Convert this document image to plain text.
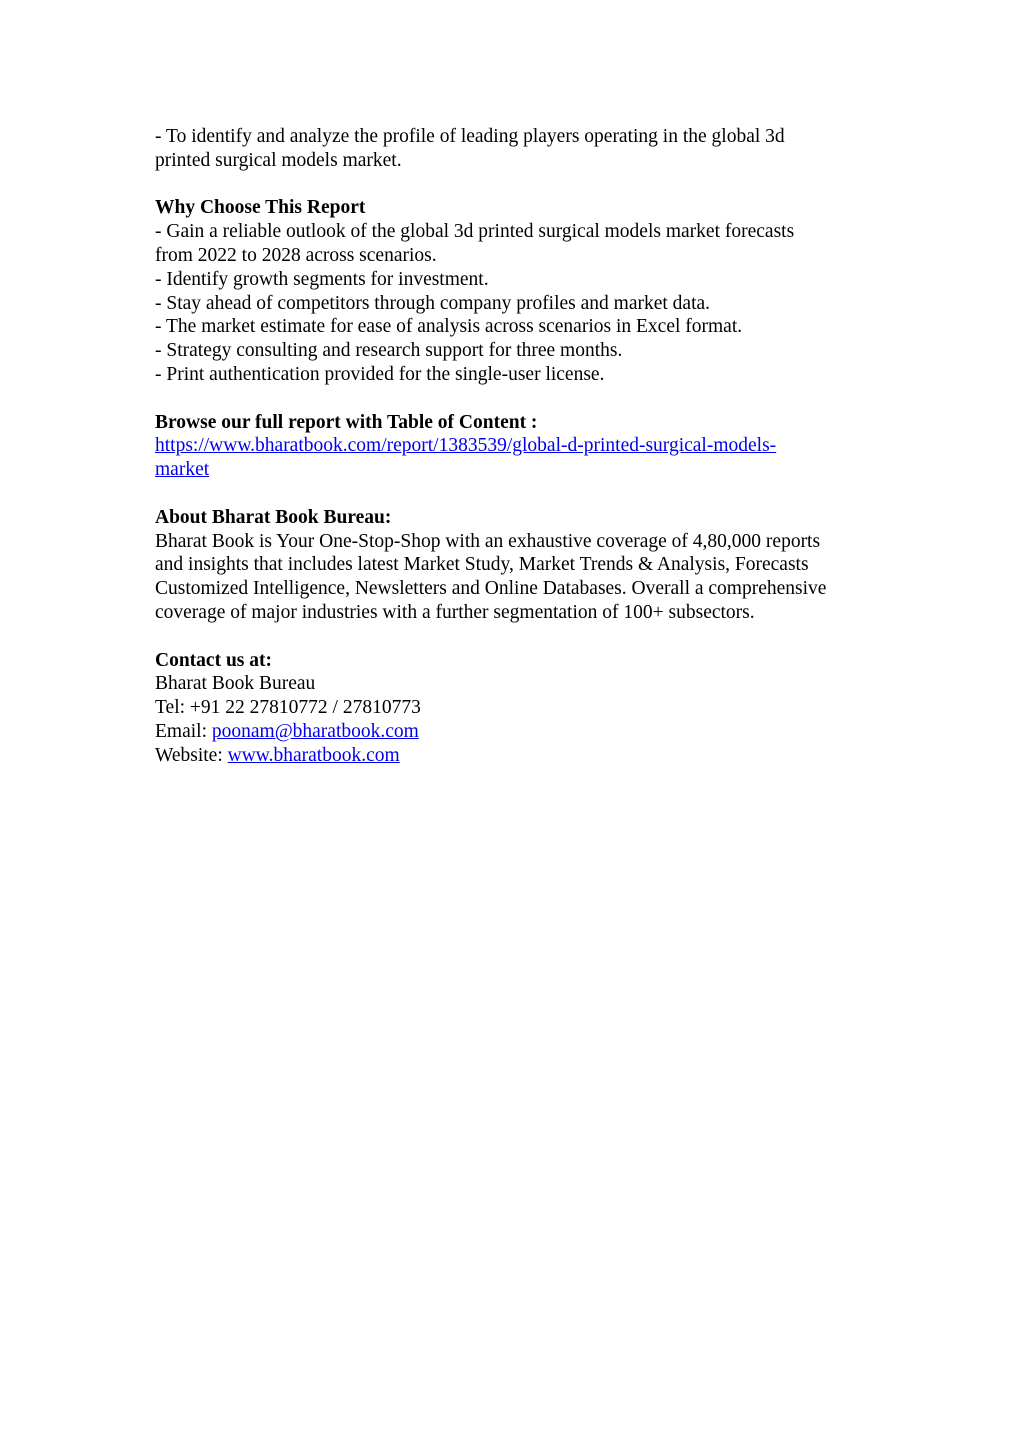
- To identify and analyze the profile of leading players operating in the global 3d
printed surgical models market.
Why Choose This Report
- Gain a reliable outlook of the global 3d printed surgical models market forecasts
from 2022 to 2028 across scenarios.
- Identify growth segments for investment.
- Stay ahead of competitors through company profiles and market data.
- The market estimate for ease of analysis across scenarios in Excel format.
- Strategy consulting and research support for three months.
- Print authentication provided for the single-user license.
Browse our full report with Table of Content :
https://www.bharatbook.com/report/1383539/global-d-printed-surgical-models-
market
About Bharat Book Bureau:
Bharat Book is Your One-Stop-Shop with an exhaustive coverage of 4,80,000 reports
and insights that includes latest Market Study, Market Trends & Analysis, Forecasts
Customized Intelligence, Newsletters and Online Databases. Overall a comprehensive
coverage of major industries with a further segmentation of 100+ subsectors.
Contact us at:
Bharat Book Bureau
Tel: +91 22 27810772 / 27810773
Email: poonam@bharatbook.com
Website: www.bharatbook.com
